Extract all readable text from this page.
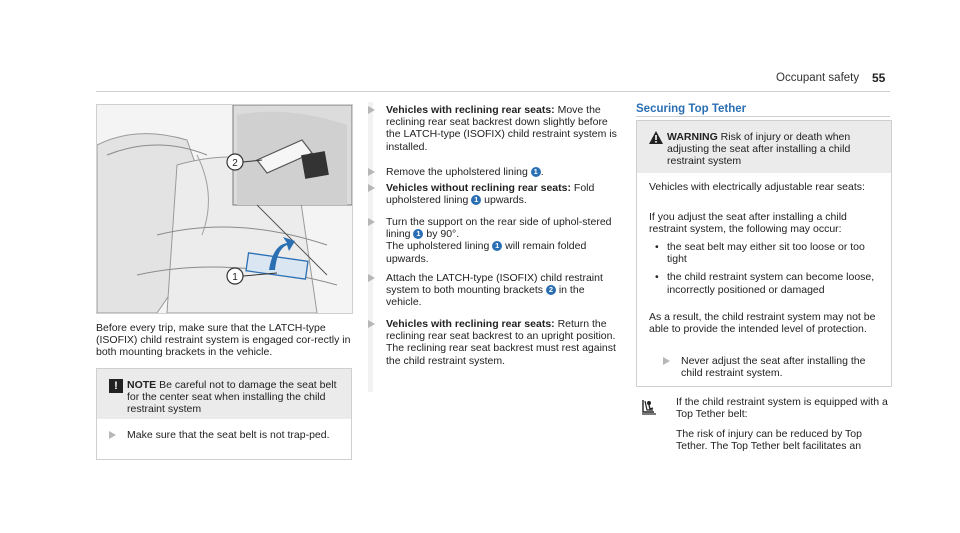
Occupant safety 55
2
1
Before every trip, make sure that the LATCH-type (ISOFIX) child restraint system is engaged cor-rectly in both mounting brackets in the vehicle.
! NOTE Be careful not to damage the seat belt for the center seat when installing the child restraint system
Make sure that the seat belt is not trap-ped.
Vehicles with reclining rear seats: Move the reclining rear seat backrest down slightly before the LATCH-type (ISOFIX) child restraint system is installed.
Remove the upholstered lining 1 .
Vehicles without reclining rear seats: Fold upholstered lining 1 upwards.
Turn the support on the rear side of uphol-stered lining 1 by 90°.
The upholstered lining 1 will remain folded upwards.
Attach the LATCH-type (ISOFIX) child restraint system to both mounting brackets 2 in the vehicle.
Vehicles with reclining rear seats: Return the reclining rear seat backrest to an upright position.
The reclining rear seat backrest must rest against the child restraint system.
Securing Top Tether
WARNING Risk of injury or death when adjusting the seat after installing a child restraint system
Vehicles with electrically adjustable rear seats:
If you adjust the seat after installing a child restraint system, the following may occur:
• the seat belt may either sit too loose or too tight
• the child restraint system can become loose, incorrectly positioned or damaged
As a result, the child restraint system may not be able to provide the intended level of protection.
Never adjust the seat after installing the child restraint system.
If the child restraint system is equipped with a Top Tether belt:
The risk of injury can be reduced by Top Tether. The Top Tether belt facilitates an
